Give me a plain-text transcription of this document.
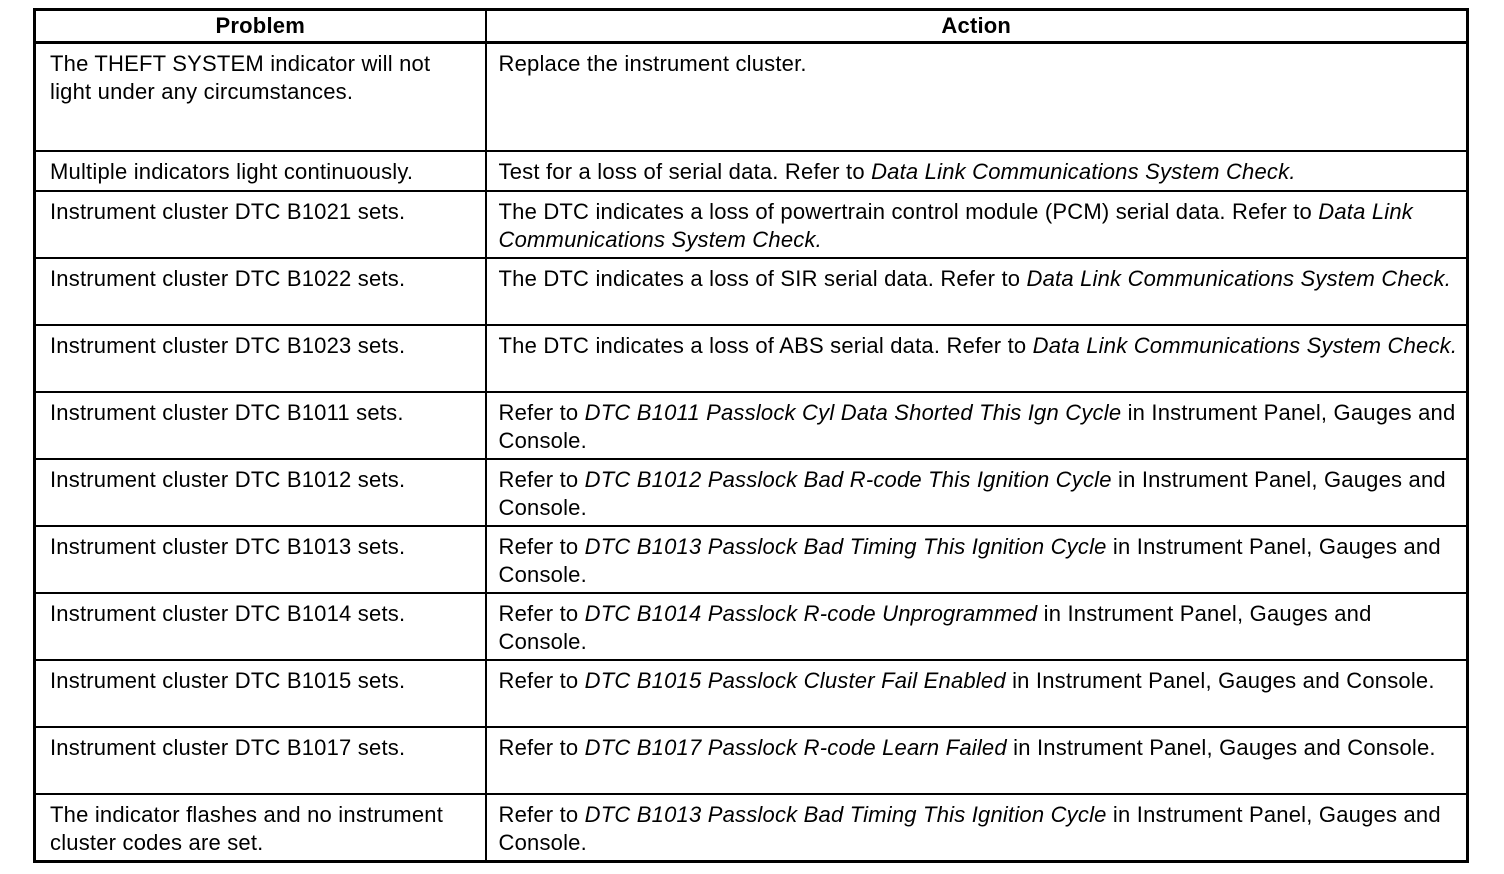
Problem	Action
The THEFT SYSTEM indicator will not light under any circumstances.	Replace the instrument cluster.
Multiple indicators light continuously.	Test for a loss of serial data. Refer to Data Link Communications System Check.
Instrument cluster DTC B1021 sets.	The DTC indicates a loss of powertrain control module (PCM) serial data. Refer to Data Link Communications System Check.
Instrument cluster DTC B1022 sets.	The DTC indicates a loss of SIR serial data. Refer to Data Link Communications System Check.
Instrument cluster DTC B1023 sets.	The DTC indicates a loss of ABS serial data. Refer to Data Link Communications System Check.
Instrument cluster DTC B1011 sets.	Refer to DTC B1011 Passlock Cyl Data Shorted This Ign Cycle in Instrument Panel, Gauges and Console.
Instrument cluster DTC B1012 sets.	Refer to DTC B1012 Passlock Bad R-code This Ignition Cycle in Instrument Panel, Gauges and Console.
Instrument cluster DTC B1013 sets.	Refer to DTC B1013 Passlock Bad Timing This Ignition Cycle in Instrument Panel, Gauges and Console.
Instrument cluster DTC B1014 sets.	Refer to DTC B1014 Passlock R-code Unprogrammed in Instrument Panel, Gauges and Console.
Instrument cluster DTC B1015 sets.	Refer to DTC B1015 Passlock Cluster Fail Enabled in Instrument Panel, Gauges and Console.
Instrument cluster DTC B1017 sets.	Refer to DTC B1017 Passlock R-code Learn Failed in Instrument Panel, Gauges and Console.
The indicator flashes and no instrument cluster codes are set.	Refer to DTC B1013 Passlock Bad Timing This Ignition Cycle in Instrument Panel, Gauges and Console.
